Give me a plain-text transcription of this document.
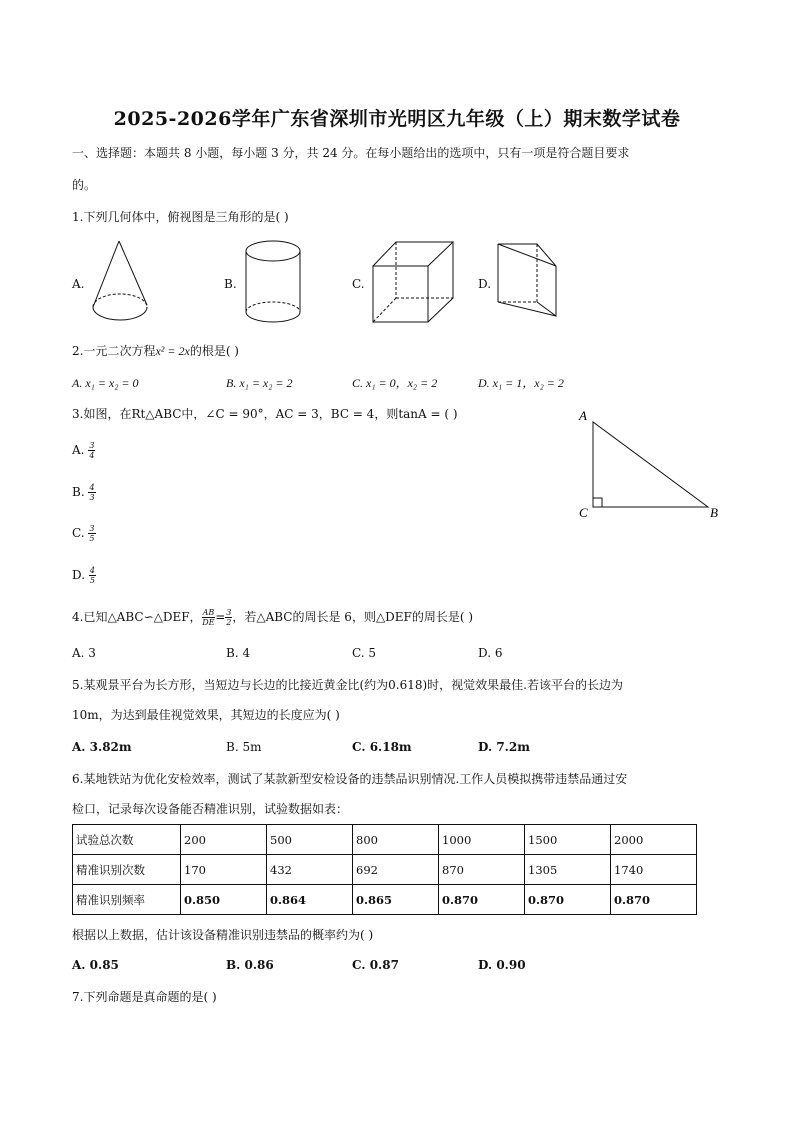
2025-2026学年广东省深圳市光明区九年级（上）期末数学试卷
一、选择题：本题共 8 小题，每小题 3 分，共 24 分。在每小题给出的选项中，只有一项是符合题目要求
的。
1.下列几何体中，俯视图是三角形的是( )
A.	B.	C.	D.
2.一元二次方程x² = 2x的根是( )
A. x₁ = x₂ = 0	B. x₁ = x₂ = 2	C. x₁ = 0，x₂ = 2	D. x₁ = 1，x₂ = 2
3.如图，在Rt△ABC中，∠C = 90°，AC = 3，BC = 4，则tanA = ( )
A. $\frac{3}{4}$
B. $\frac{4}{3}$
C. $\frac{3}{5}$
D. $\frac{4}{5}$
A
C	B
4.已知△ABC∽△DEF， $\frac{AB}{DE} = \frac{3}{2}$ ，若△ABC的周长是 6，则△DEF的周长是( )
A. 3	B. 4	C. 5	D. 6
5.某观景平台为长方形，当短边与长边的比接近黄金比(约为0.618)时，视觉效果最佳.若该平台的长边为
10m，为达到最佳视觉效果，其短边的长度应为( )
A. 3.82m	B. 5m	C. 6.18m	D. 7.2m
6.某地铁站为优化安检效率，测试了某款新型安检设备的违禁品识别情况.工作人员模拟携带违禁品通过安
检口，记录每次设备能否精准识别，试验数据如表：
试验总次数	200	500	800	1000	1500	2000
精准识别次数	170	432	692	870	1305	1740
精准识别频率	0.850	0.864	0.865	0.870	0.870	0.870
根据以上数据，估计该设备精准识别违禁品的概率约为( )
A. 0.85	B. 0.86	C. 0.87	D. 0.90
7.下列命题是真命题的是( )
